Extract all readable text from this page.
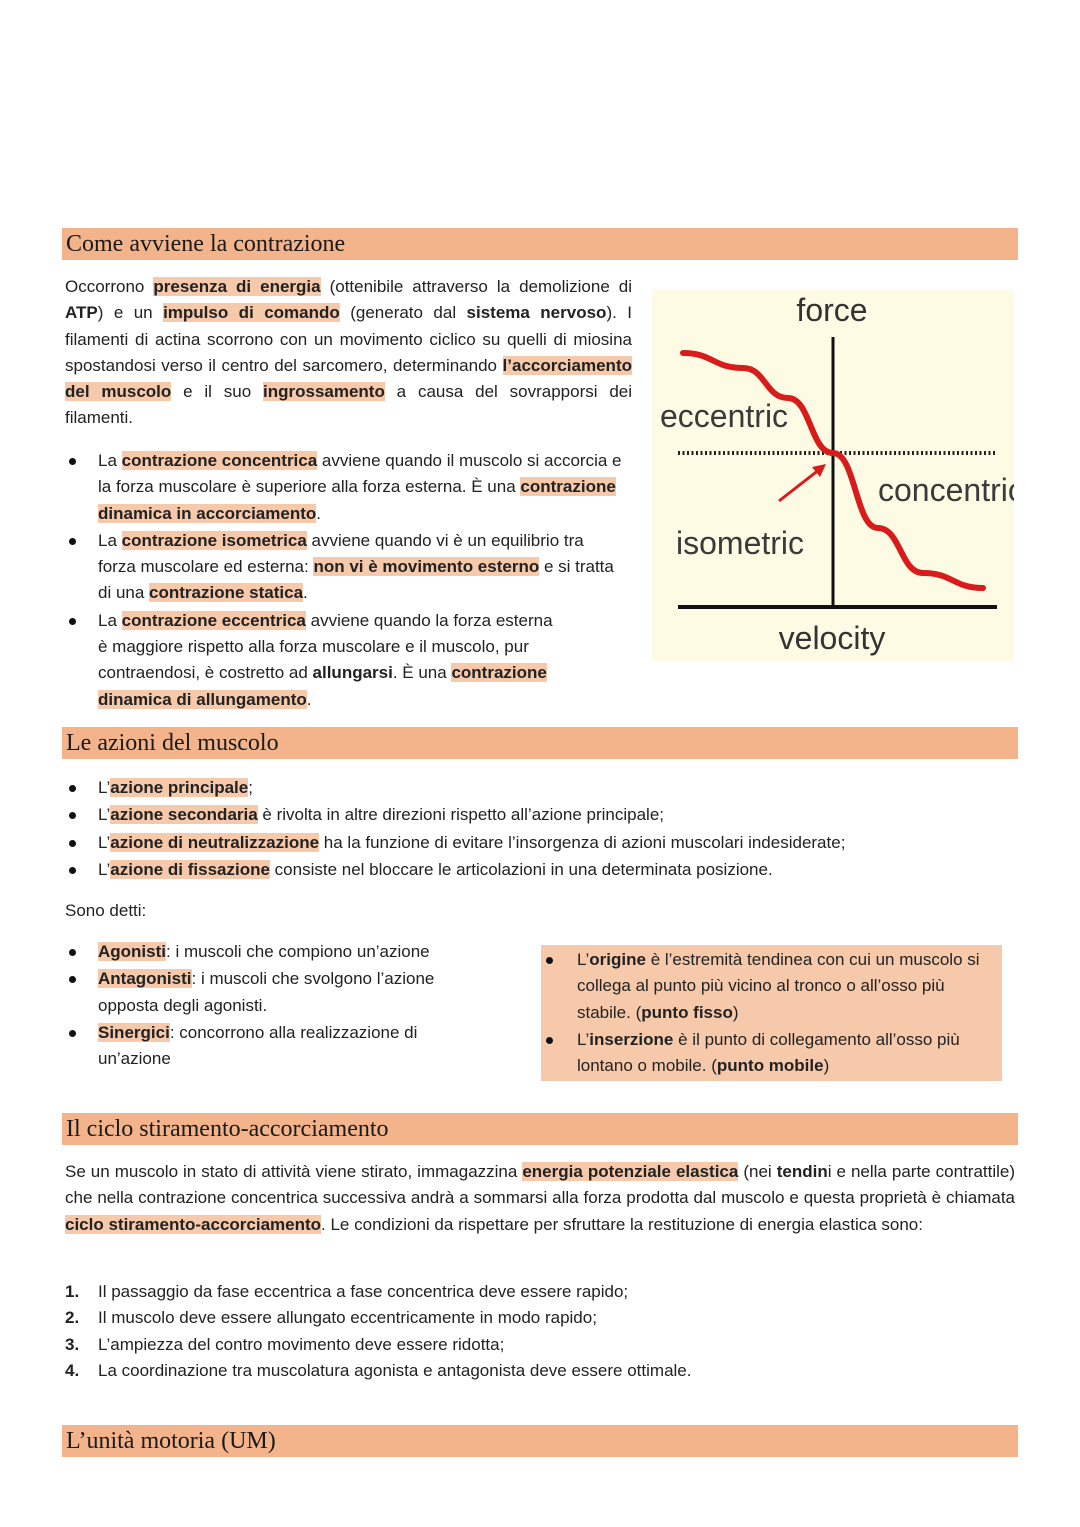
Come avviene la contrazione
Occorrono presenza di energia (ottenibile attraverso la demolizione di ATP) e un impulso di comando (generato dal sistema nervoso). I filamenti di actina scorrono con un movimento ciclico su quelli di miosina spostandosi verso il centro del sarcomero, determinando l’accorciamento del muscolo e il suo ingrossamento a causa del sovrapporsi dei filamenti.
La contrazione concentrica avviene quando il muscolo si accorcia e la forza muscolare è superiore alla forza esterna. È una contrazione dinamica in accorciamento.
La contrazione isometrica avviene quando vi è un equilibrio tra forza muscolare ed esterna: non vi è movimento esterno e si tratta di una contrazione statica.
La contrazione eccentrica avviene quando la forza esterna è maggiore rispetto alla forza muscolare e il muscolo, pur contraendosi, è costretto ad allungarsi. È una contrazione dinamica di allungamento.
force
velocity
eccentric
isometric
concentric
Le azioni del muscolo
L’azione principale;
L’azione secondaria è rivolta in altre direzioni rispetto all’azione principale;
L’azione di neutralizzazione ha la funzione di evitare l’insorgenza di azioni muscolari indesiderate;
L’azione di fissazione consiste nel bloccare le articolazioni in una determinata posizione.
Sono detti:
Agonisti: i muscoli che compiono un’azione
Antagonisti: i muscoli che svolgono l’azione opposta degli agonisti.
Sinergici: concorrono alla realizzazione di un’azione
L’origine è l’estremità tendinea con cui un muscolo si collega al punto più vicino al tronco o all’osso più stabile. (punto fisso)
L’inserzione è il punto di collegamento all’osso più lontano o mobile. (punto mobile)
Il ciclo stiramento-accorciamento
Se un muscolo in stato di attività viene stirato, immagazzina energia potenziale elastica (nei tendini e nella parte contrattile) che nella contrazione concentrica successiva andrà a sommarsi alla forza prodotta dal muscolo e questa proprietà è chiamata ciclo stiramento-accorciamento. Le condizioni da rispettare per sfruttare la restituzione di energia elastica sono:
1. Il passaggio da fase eccentrica a fase concentrica deve essere rapido;
2. Il muscolo deve essere allungato eccentricamente in modo rapido;
3. L’ampiezza del contro movimento deve essere ridotta;
4. La coordinazione tra muscolatura agonista e antagonista deve essere ottimale.
L’unità motoria (UM)
